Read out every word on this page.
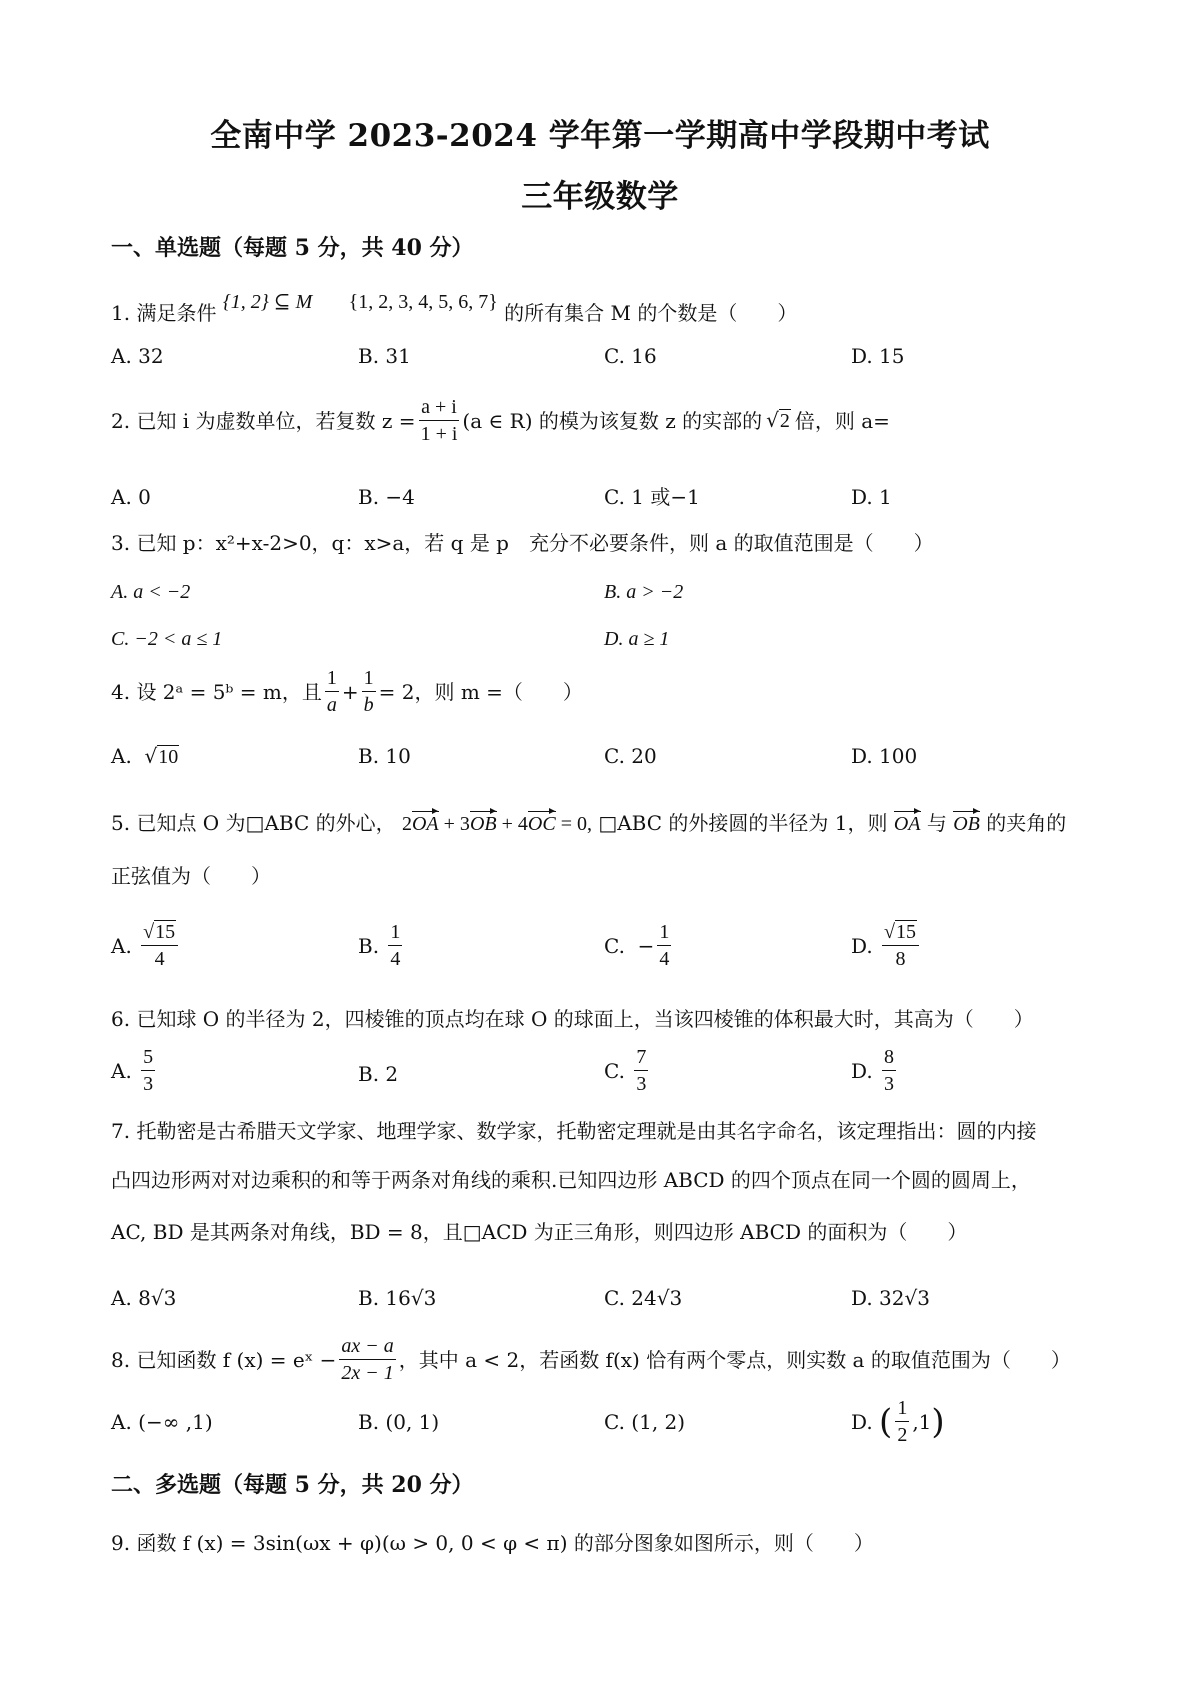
全南中学 2023-2024 学年第一学期高中学段期中考试
三年级数学
一、单选题（每题 5 分，共 40 分）
1. 满足条件 {1, 2} ⊆ M {1, 2, 3, 4, 5, 6, 7} 的所有集合 M 的个数是（　　）
A. 32	B. 31	C. 16	D. 15
2. 已知 i 为虚数单位，若复数 $z = \frac{a + i}{1 + i} (a$ ∈ R) 的模为该复数 z 的实部的 √2 倍，则 a=
A. 0	B. −4	C. 1 或−1	D. 1
3. 已知 p：x²+x-2>0，q：x>a，若 q 是 p　充分不必要条件，则 a 的取值范围是（　　）
A. a < −2	B. a > −2
C. −2 < a ≤ 1	D. a ≥ 1
4. 设 2ᵃ = 5ᵇ = m，且 $\frac{1}{a} + \frac{1}{b} = 2$，则 m =（　　）
A.  √10	B. 10	C. 20	D. 100
5. 已知点 O 为□ABC 的外心， 2OA + 3OB + 4OC = 0, □ABC 的外接圆的半径为 1，则 OA 与 OB 的夹角的
正弦值为（　　）
A. $\frac{√15}{4}$	B. $\frac{1}{4}$	C.  − $\frac{1}{4}$	D. $\frac{√15}{8}$
6. 已知球 O 的半径为 2，四棱锥的顶点均在球 O 的球面上，当该四棱锥的体积最大时，其高为（　　）
A. $\frac{5}{3}$	B. 2	C. $\frac{7}{3}$	D. $\frac{8}{3}$
7. 托勒密是古希腊天文学家、地理学家、数学家，托勒密定理就是由其名字命名，该定理指出：圆的内接
凸四边形两对对边乘积的和等于两条对角线的乘积.已知四边形 ABCD 的四个顶点在同一个圆的圆周上，
AC, BD 是其两条对角线，BD = 8，且□ACD 为正三角形，则四边形 ABCD 的面积为（　　）
A. 8√3	B. 16√3	C. 24√3	D. 32√3
8. 已知函数 f (x) = eˣ − $\frac{ax - a}{2x - 1}$ ，其中 a < 2，若函数 f(x) 恰有两个零点，则实数 a 的取值范围为（　　）
A. (−∞ ,1)	B. (0, 1)	C. (1, 2)	D.
( $\frac{1}{2} ,1$ )
二、多选题（每题 5 分，共 20 分）
9. 函数 f (x) = 3sin(ωx + φ)(ω > 0, 0 < φ < π) 的部分图象如图所示，则（　　）
